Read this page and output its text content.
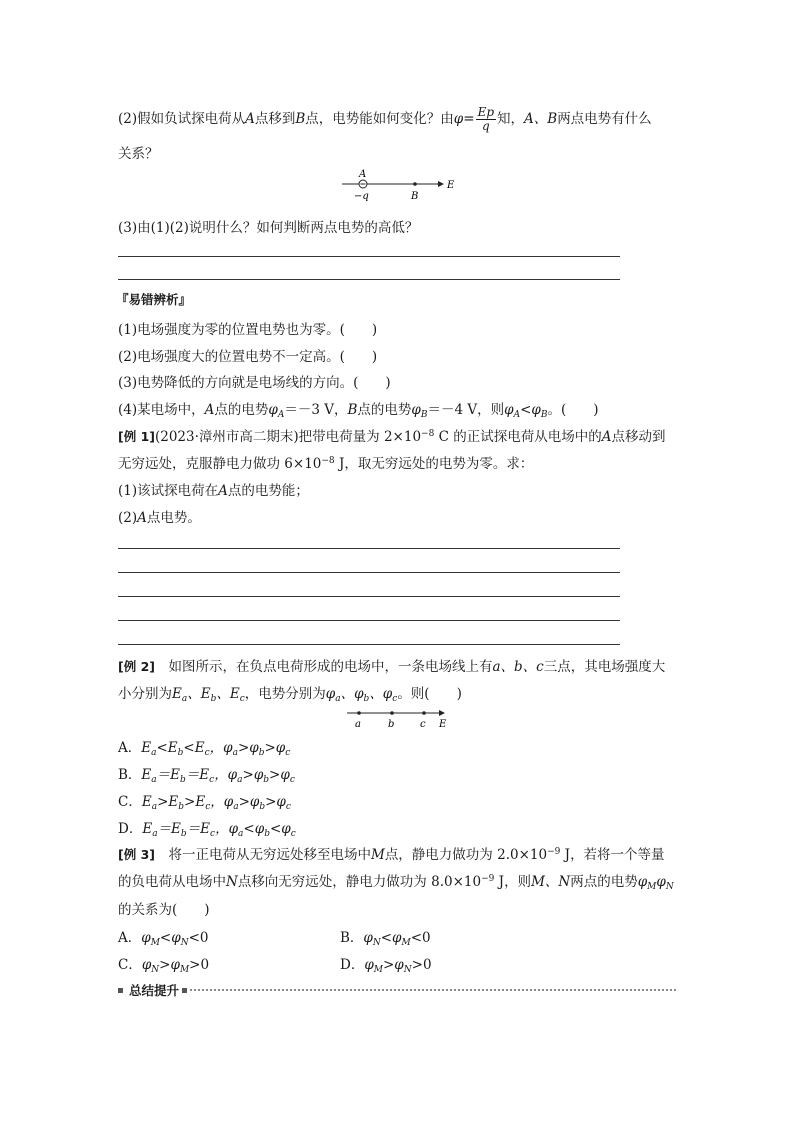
(2)假如负试探电荷从A点移到B点，电势能如何变化？由$\varphi= \frac{Ep}{q}$ 知，A、B两点电势有什么
关系？
A
−q	B
E
(3)由(1)(2)说明什么？如何判断两点电势的高低？
『易错辨析』
(1)电场强度为零的位置电势也为零。(　　)
(2)电场强度大的位置电势不一定高。(　　)
(3)电势降低的方向就是电场线的方向。(　　)
(4)某电场中，A点的电势$\varphi_A=-3$ V，B点的电势$\varphi_B=-4$ V，则$\varphi_A<\varphi_B$。(　　)
[例 1](2023·漳州市高二期末)把带电荷量为 $2\times 10^{-8}$ C 的正试探电荷从电场中的A点移动到
无穷远处，克服静电力做功 $6\times 10^{-8}$ J，取无穷远处的电势为零。求：
(1)该试探电荷在A点的电势能；
(2)A点电势。
[例 2]　如图所示，在负点电荷形成的电场中，一条电场线上有a、b、c三点，其电场强度大
小分别为$E_a$、$E_b$、$E_c$，电势分别为$\varphi_a$、$\varphi_b$、$\varphi_c$。则(　　)
a	b	c E
A．$E_a<E_b<E_c$，$\varphi_a>\varphi_b>\varphi_c$
B．$E_a=E_b=E_c$，$\varphi_a>\varphi_b>\varphi_c$
C．$E_a>E_b>E_c$，$\varphi_a>\varphi_b>\varphi_c$
D．$E_a=E_b=E_c$，$\varphi_a<\varphi_b<\varphi_c$
[例 3]　将一正电荷从无穷远处移至电场中M点，静电力做功为 $2.0\times 10^{-9}$ J，若将一个等量
的负电荷从电场中N点移向无穷远处，静电力做功为 $8.0\times 10^{-9}$ J，则M、N两点的电势$\varphi_M\varphi_N$
的关系为(　　)
A．$\varphi_M<\varphi_N<0$	B．$\varphi_N<\varphi_M<0$
C．$\varphi_N>\varphi_M>0$	D．$\varphi_M>\varphi_N>0$
总结提升
